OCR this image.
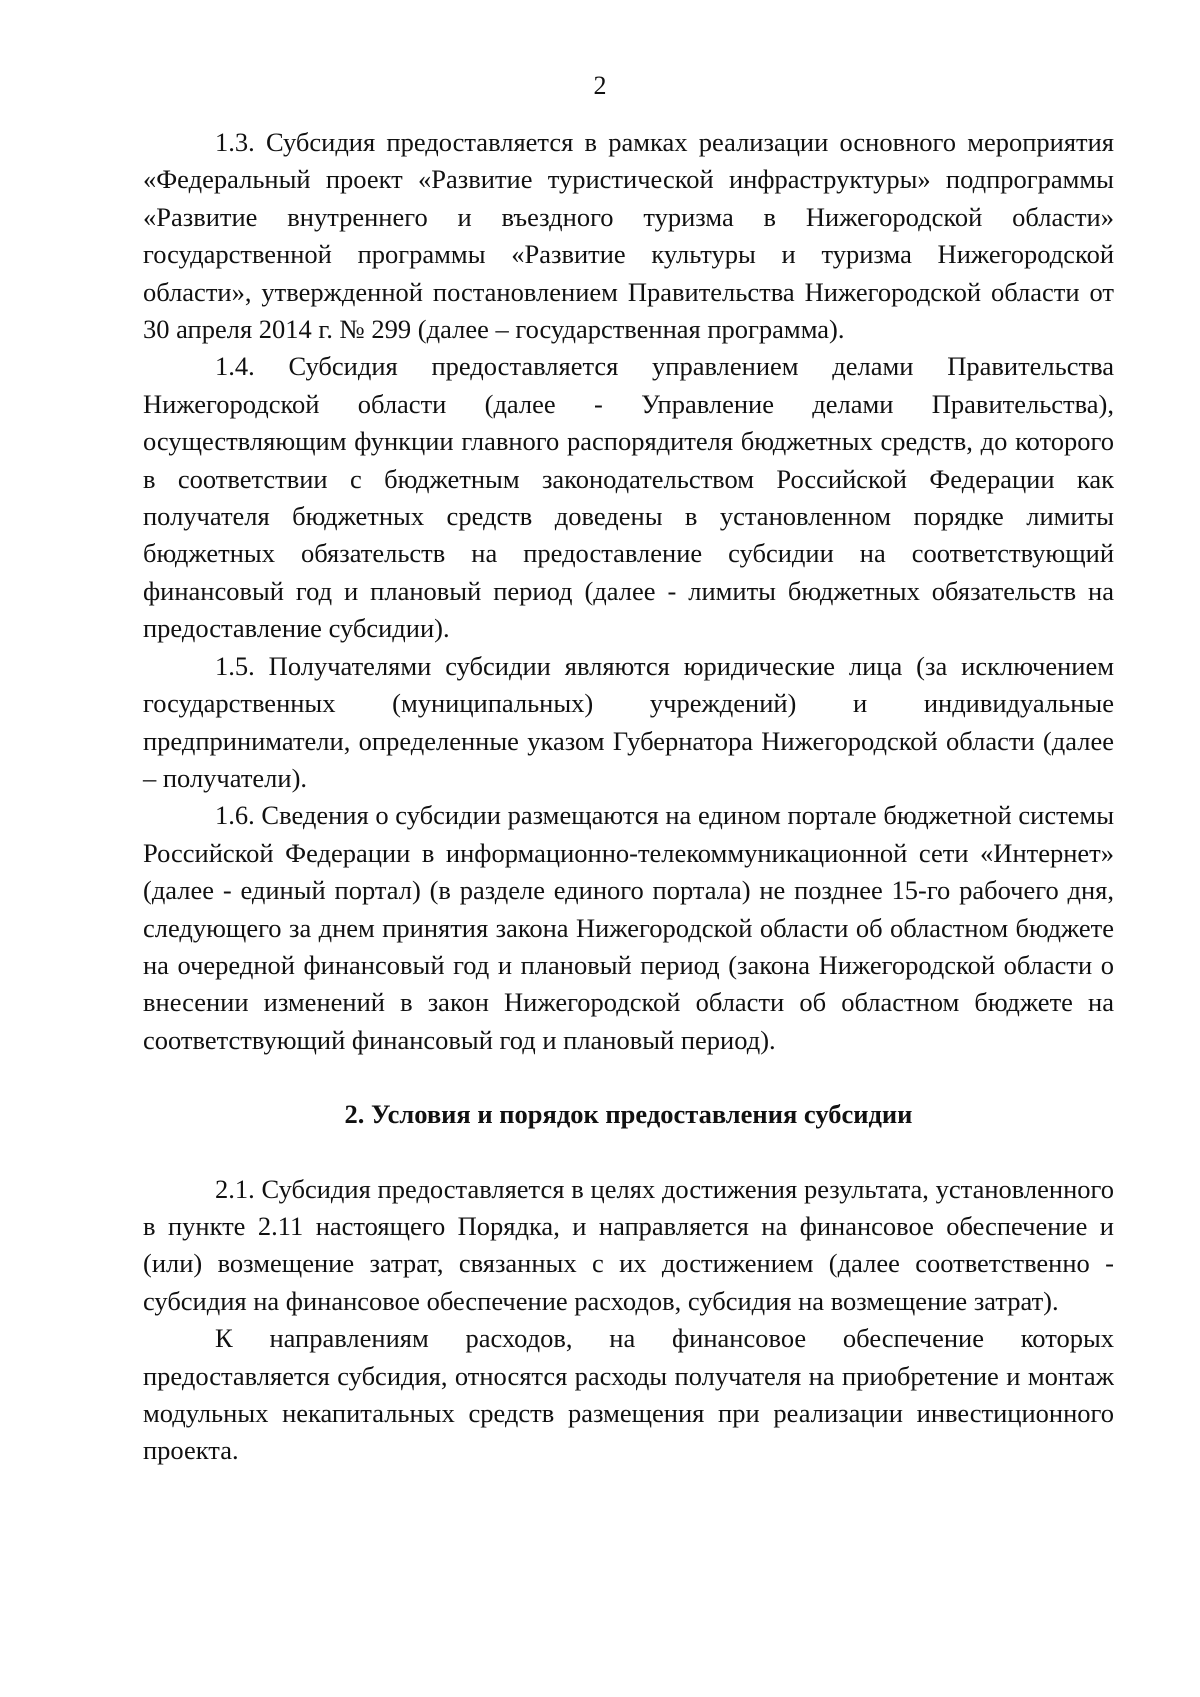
2

1.3. Субсидия предоставляется в рамках реализации основного мероприятия «Федеральный проект «Развитие туристической инфраструктуры» подпрограммы «Развитие внутреннего и въездного туризма в Нижегородской области» государственной программы «Развитие культуры и туризма Нижегородской области», утвержденной постановлением Правительства Нижегородской области от 30 апреля 2014 г. № 299 (далее – государственная программа).

1.4. Субсидия предоставляется управлением делами Правительства Нижегородской области (далее - Управление делами Правительства), осуществляющим функции главного распорядителя бюджетных средств, до которого в соответствии с бюджетным законодательством Российской Федерации как получателя бюджетных средств доведены в установленном порядке лимиты бюджетных обязательств на предоставление субсидии на соответствующий финансовый год и плановый период (далее - лимиты бюджетных обязательств на предоставление субсидии).

1.5. Получателями субсидии являются юридические лица (за исключением государственных (муниципальных) учреждений) и индивидуальные предприниматели, определенные указом Губернатора Нижегородской области (далее – получатели).

1.6. Сведения о субсидии размещаются на едином портале бюджетной системы Российской Федерации в информационно-телекоммуникационной сети «Интернет» (далее - единый портал) (в разделе единого портала) не позднее 15-го рабочего дня, следующего за днем принятия закона Нижегородской области об областном бюджете на очередной финансовый год и плановый период (закона Нижегородской области о внесении изменений в закон Нижегородской области об областном бюджете на соответствующий финансовый год и плановый период).

2. Условия и порядок предоставления субсидии

2.1. Субсидия предоставляется в целях достижения результата, установленного в пункте 2.11 настоящего Порядка, и направляется на финансовое обеспечение и (или) возмещение затрат, связанных с их достижением (далее соответственно - субсидия на финансовое обеспечение расходов, субсидия на возмещение затрат).

К направлениям расходов, на финансовое обеспечение которых предоставляется субсидия, относятся расходы получателя на приобретение и монтаж модульных некапитальных средств размещения при реализации инвестиционного проекта.
